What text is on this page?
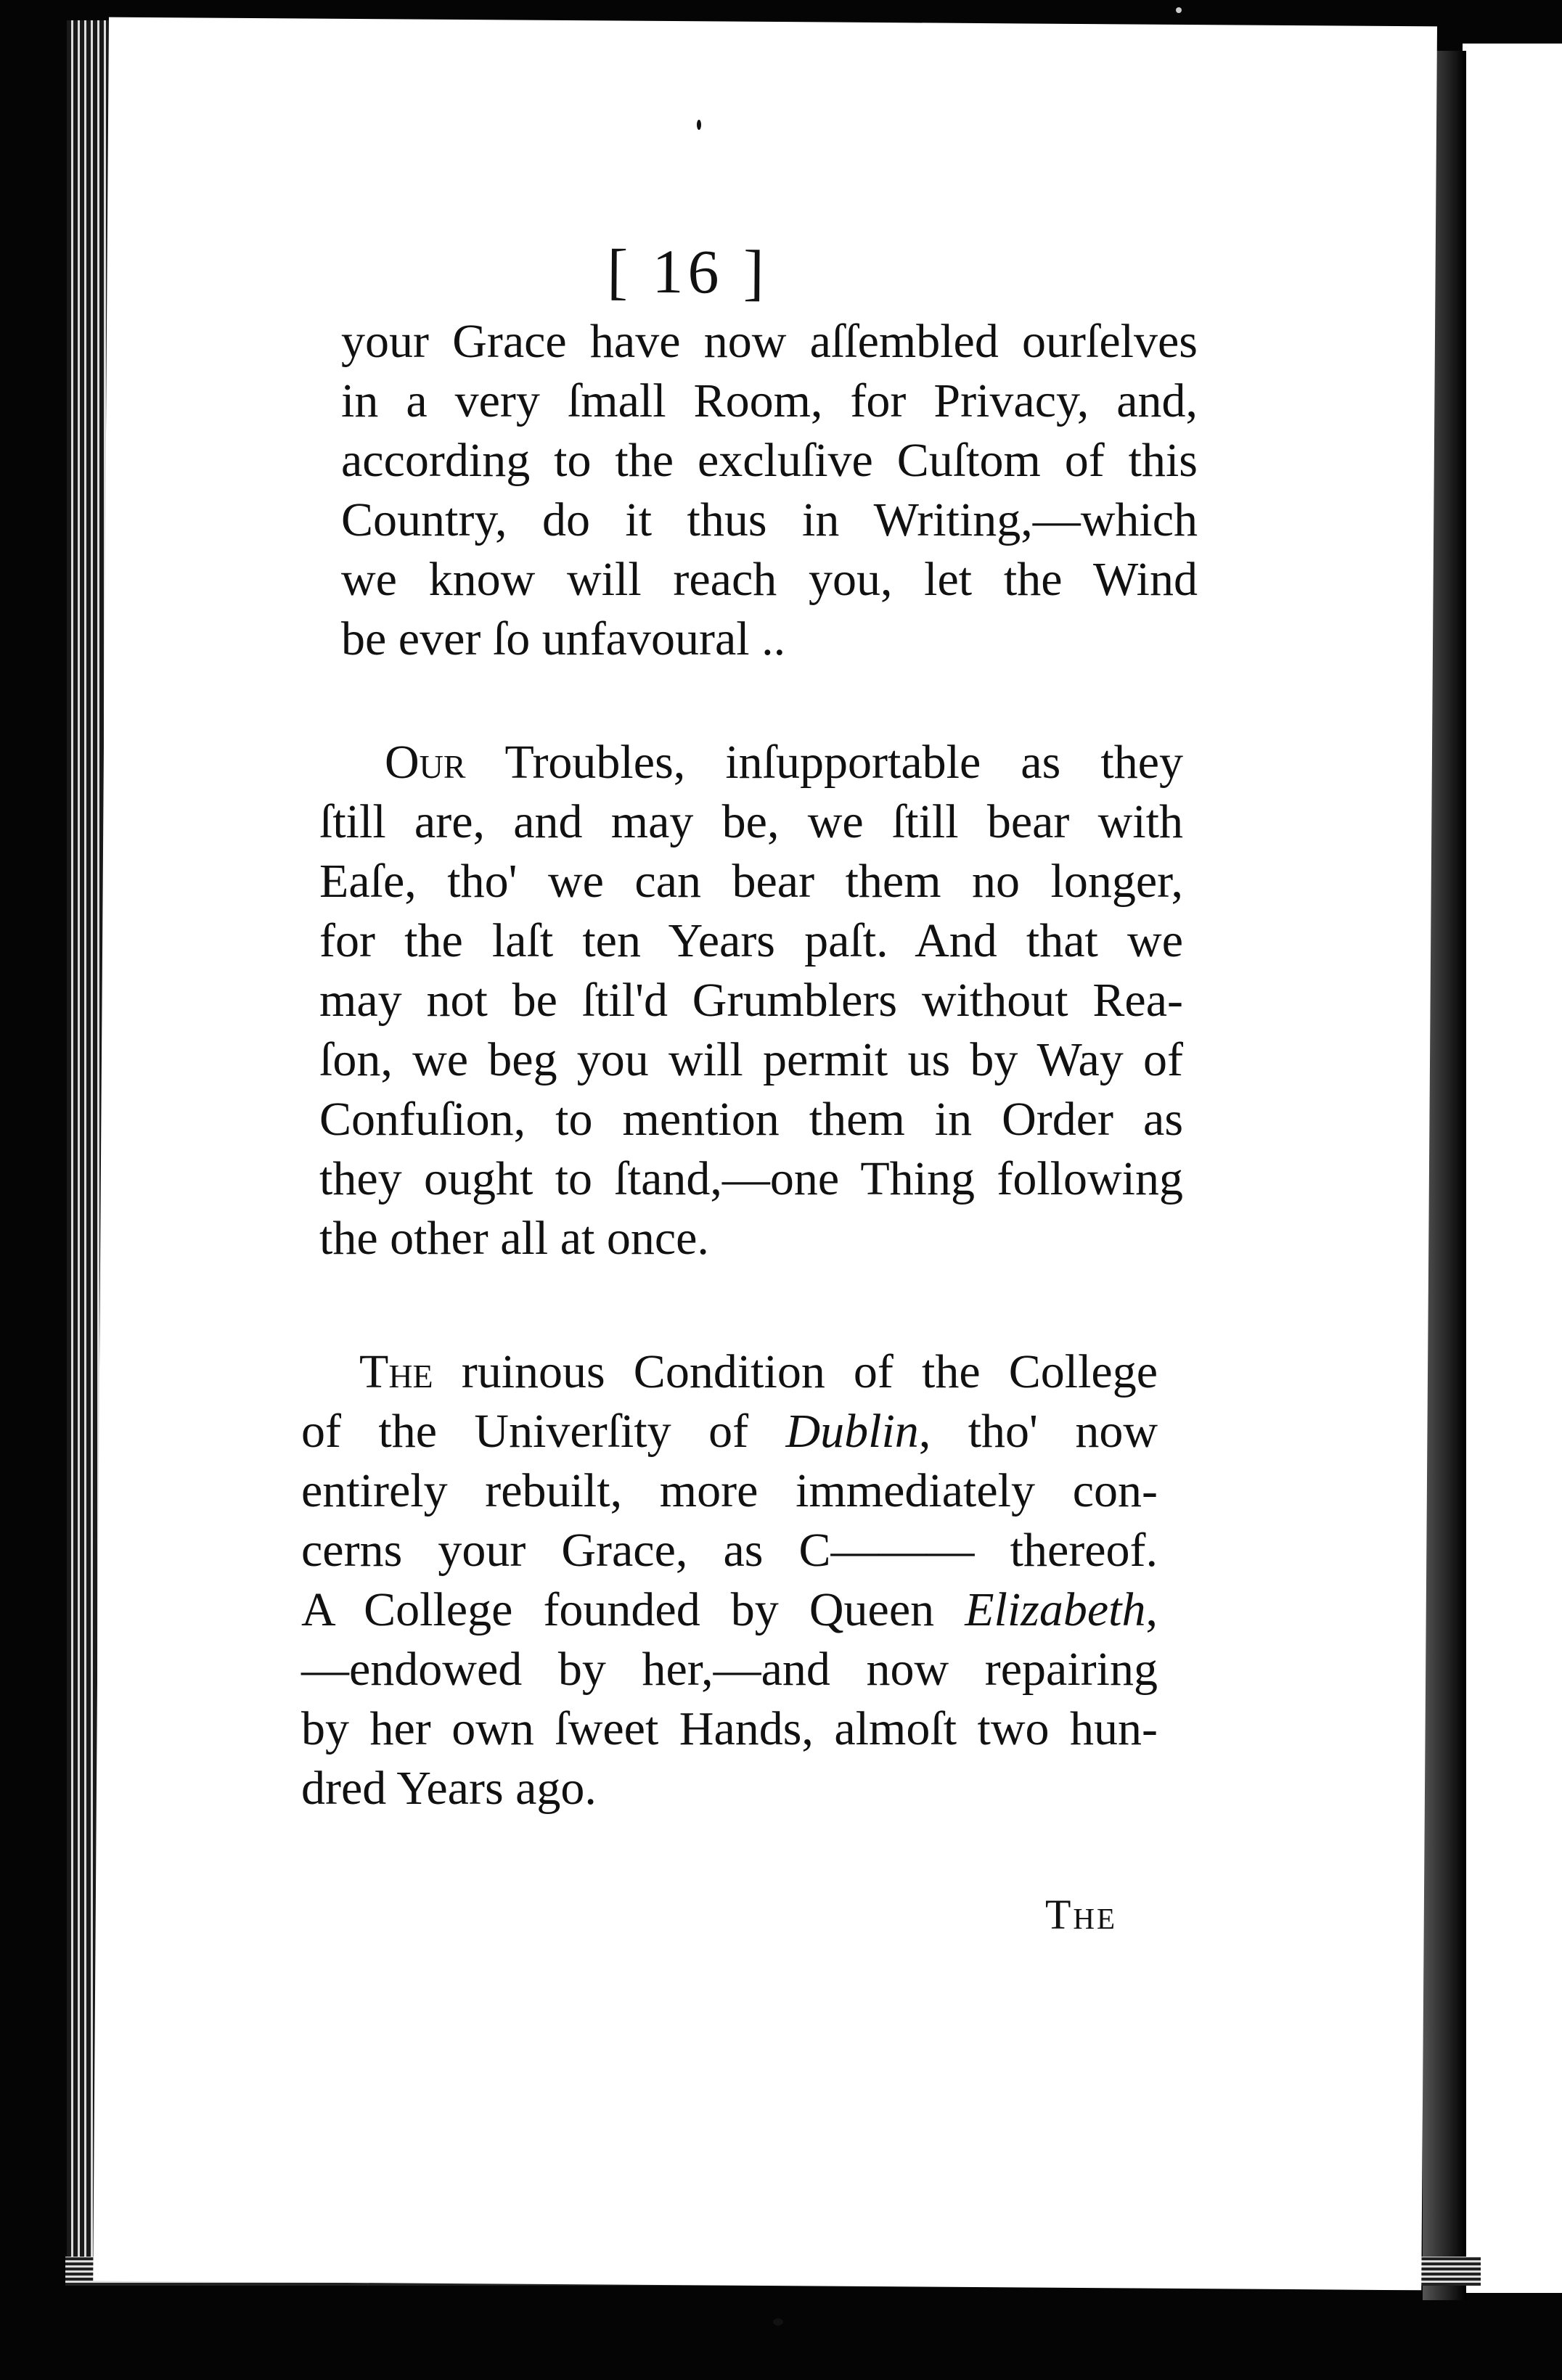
[ 16 ]
your Grace have now aſſembled ourſelves
in a very ſmall Room, for Privacy, and,
according to the excluſive Cuſtom of this
Country, do it thus in Writing,—which
we know will reach you, let the Wind
be ever ſo unfavoural ..
Our Troubles, inſupportable as they
ſtill are, and may be, we ſtill bear with
Eaſe, tho' we can bear them no longer,
for the laſt ten Years paſt. And that we
may not be ſtil'd Grumblers without Rea-
ſon, we beg you will permit us by Way of
Confuſion, to mention them in Order as
they ought to ſtand,—one Thing following
the other all at once.
The ruinous Condition of the College
of the Univerſity of Dublin, tho' now
entirely rebuilt, more immediately con-
cerns your Grace, as C——— thereof.
A College founded by Queen Elizabeth,
—endowed by her,—and now repairing
by her own ſweet Hands, almoſt two hun-
dred Years ago.
The
